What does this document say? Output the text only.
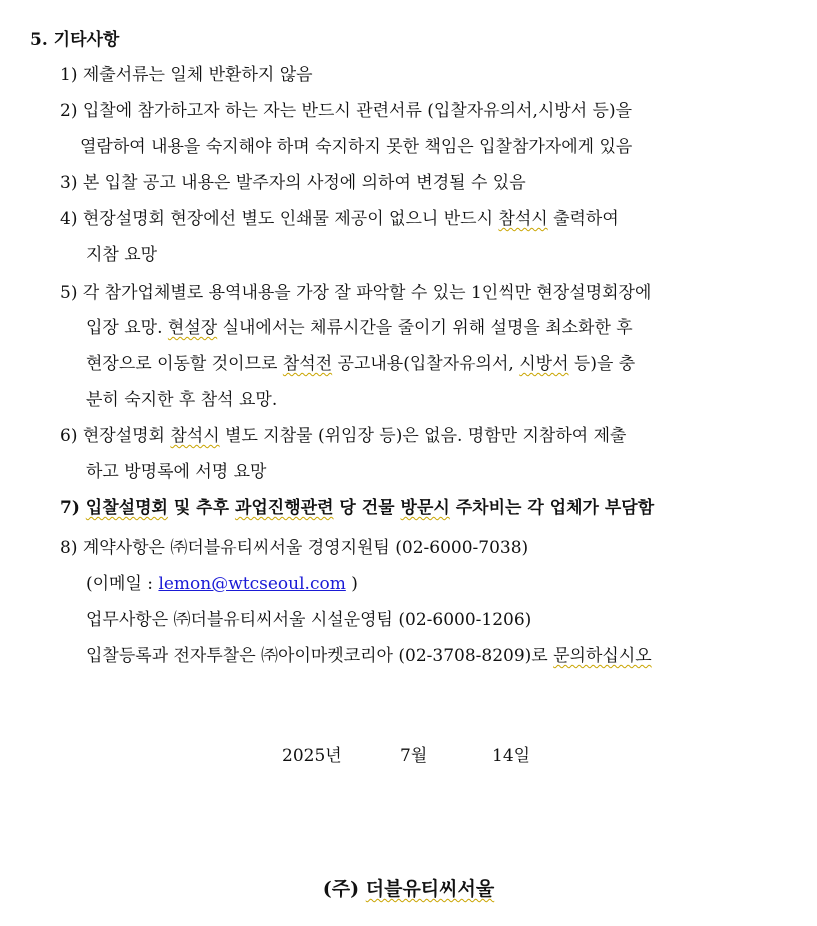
5. 기타사항
1) 제출서류는 일체 반환하지 않음
2) 입찰에 참가하고자 하는 자는 반드시 관련서류 (입찰자유의서,시방서 등)을
열람하여 내용을 숙지해야 하며 숙지하지 못한 책임은 입찰참가자에게 있음
3) 본 입찰 공고 내용은 발주자의 사정에 의하여 변경될 수 있음
4) 현장설명회 현장에선 별도 인쇄물 제공이 없으니 반드시 참석시 출력하여
지참 요망
5) 각 참가업체별로 용역내용을 가장 잘 파악할 수 있는 1인씩만 현장설명회장에
입장 요망. 현설장 실내에서는 체류시간을 줄이기 위해 설명을 최소화한 후
현장으로 이동할 것이므로 참석전 공고내용(입찰자유의서, 시방서 등)을 충
분히 숙지한 후 참석 요망.
6) 현장설명회 참석시 별도 지참물 (위임장 등)은 없음. 명함만 지참하여 제출
하고 방명록에 서명 요망
7) 입찰설명회 및 추후 과업진행관련 당 건물 방문시 주차비는 각 업체가 부담함
8) 계약사항은 ㈜더블유티씨서울 경영지원팀 (02-6000-7038)
(이메일 : lemon@wtcseoul.com )
업무사항은 ㈜더블유티씨서울 시설운영팀 (02-6000-1206)
입찰등록과 전자투찰은 ㈜아이마켓코리아 (02-3708-8209)로 문의하십시오
2025년	7월	14일
(주) 더블유티씨서울
